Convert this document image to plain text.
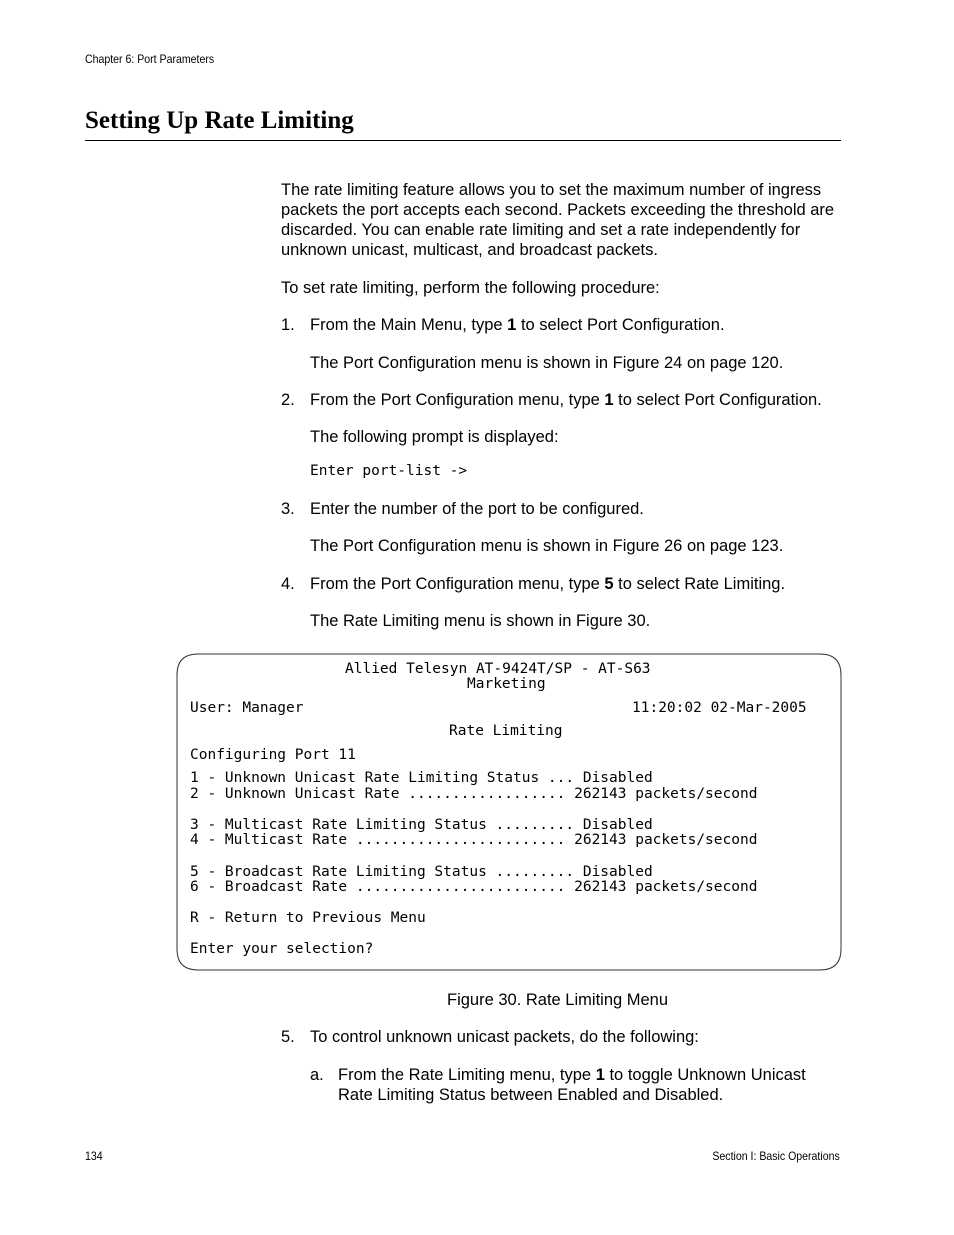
Chapter 6: Port Parameters
Setting Up Rate Limiting
The rate limiting feature allows you to set the maximum number of ingress packets the port accepts each second. Packets exceeding the threshold are discarded. You can enable rate limiting and set a rate independently for unknown unicast, multicast, and broadcast packets.
To set rate limiting, perform the following procedure:
1. From the Main Menu, type 1 to select Port Configuration.
The Port Configuration menu is shown in Figure 24 on page 120.
2. From the Port Configuration menu, type 1 to select Port Configuration.
The following prompt is displayed:
Enter port-list ->
3. Enter the number of the port to be configured.
The Port Configuration menu is shown in Figure 26 on page 123.
4. From the Port Configuration menu, type 5 to select Rate Limiting.
The Rate Limiting menu is shown in Figure 30.
Allied Telesyn AT-9424T/SP - AT-S63
Marketing
User: Manager	11:20:02 02-Mar-2005
Rate Limiting
Configuring Port 11
1 - Unknown Unicast Rate Limiting Status ... Disabled
2 - Unknown Unicast Rate .................. 262143 packets/second
3 - Multicast Rate Limiting Status ......... Disabled
4 - Multicast Rate ........................ 262143 packets/second
5 - Broadcast Rate Limiting Status ......... Disabled
6 - Broadcast Rate ........................ 262143 packets/second
R - Return to Previous Menu
Enter your selection?
Figure 30. Rate Limiting Menu
5. To control unknown unicast packets, do the following:
a. From the Rate Limiting menu, type 1 to toggle Unknown Unicast Rate Limiting Status between Enabled and Disabled.
134	Section I: Basic Operations
